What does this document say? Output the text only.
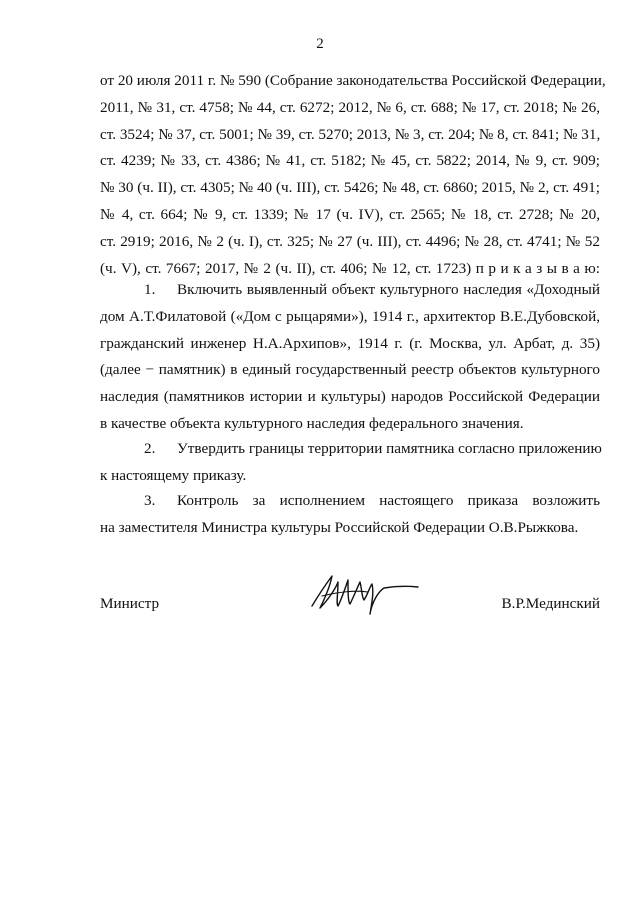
2
от 20 июля 2011 г. № 590 (Собрание законодательства Российской Федерации,
2011, № 31, ст. 4758; № 44, ст. 6272; 2012, № 6, ст. 688; № 17, ст. 2018; № 26,
ст. 3524; № 37, ст. 5001; № 39, ст. 5270; 2013, № 3, ст. 204; № 8, ст. 841; № 31,
ст. 4239; № 33, ст. 4386; № 41, ст. 5182; № 45, ст. 5822; 2014, № 9, ст. 909;
№ 30 (ч. II), ст. 4305; № 40 (ч. III), ст. 5426; № 48, ст. 6860; 2015, № 2, ст. 491;
№ 4, ст. 664; № 9, ст. 1339; № 17 (ч. IV), ст. 2565; № 18, ст. 2728; № 20,
ст. 2919; 2016, № 2 (ч. I), ст. 325; № 27 (ч. III), ст. 4496; № 28, ст. 4741; № 52
(ч. V), ст. 7667; 2017, № 2 (ч. II), ст. 406; № 12, ст. 1723) п р и к а з ы в а ю:
1. Включить выявленный объект культурного наследия «Доходный
дом А.Т.Филатовой («Дом с рыцарями»), 1914 г., архитектор В.Е.Дубовской,
гражданский инженер Н.А.Архипов», 1914 г. (г. Москва, ул. Арбат, д. 35)
(далее − памятник) в единый государственный реестр объектов культурного
наследия (памятников истории и культуры) народов Российской Федерации
в качестве объекта культурного наследия федерального значения.
2. Утвердить границы территории памятника согласно приложению
к настоящему приказу.
3. Контроль за исполнением настоящего приказа возложить
на заместителя Министра культуры Российской Федерации О.В.Рыжкова.
Министр	В.Р.Мединский
